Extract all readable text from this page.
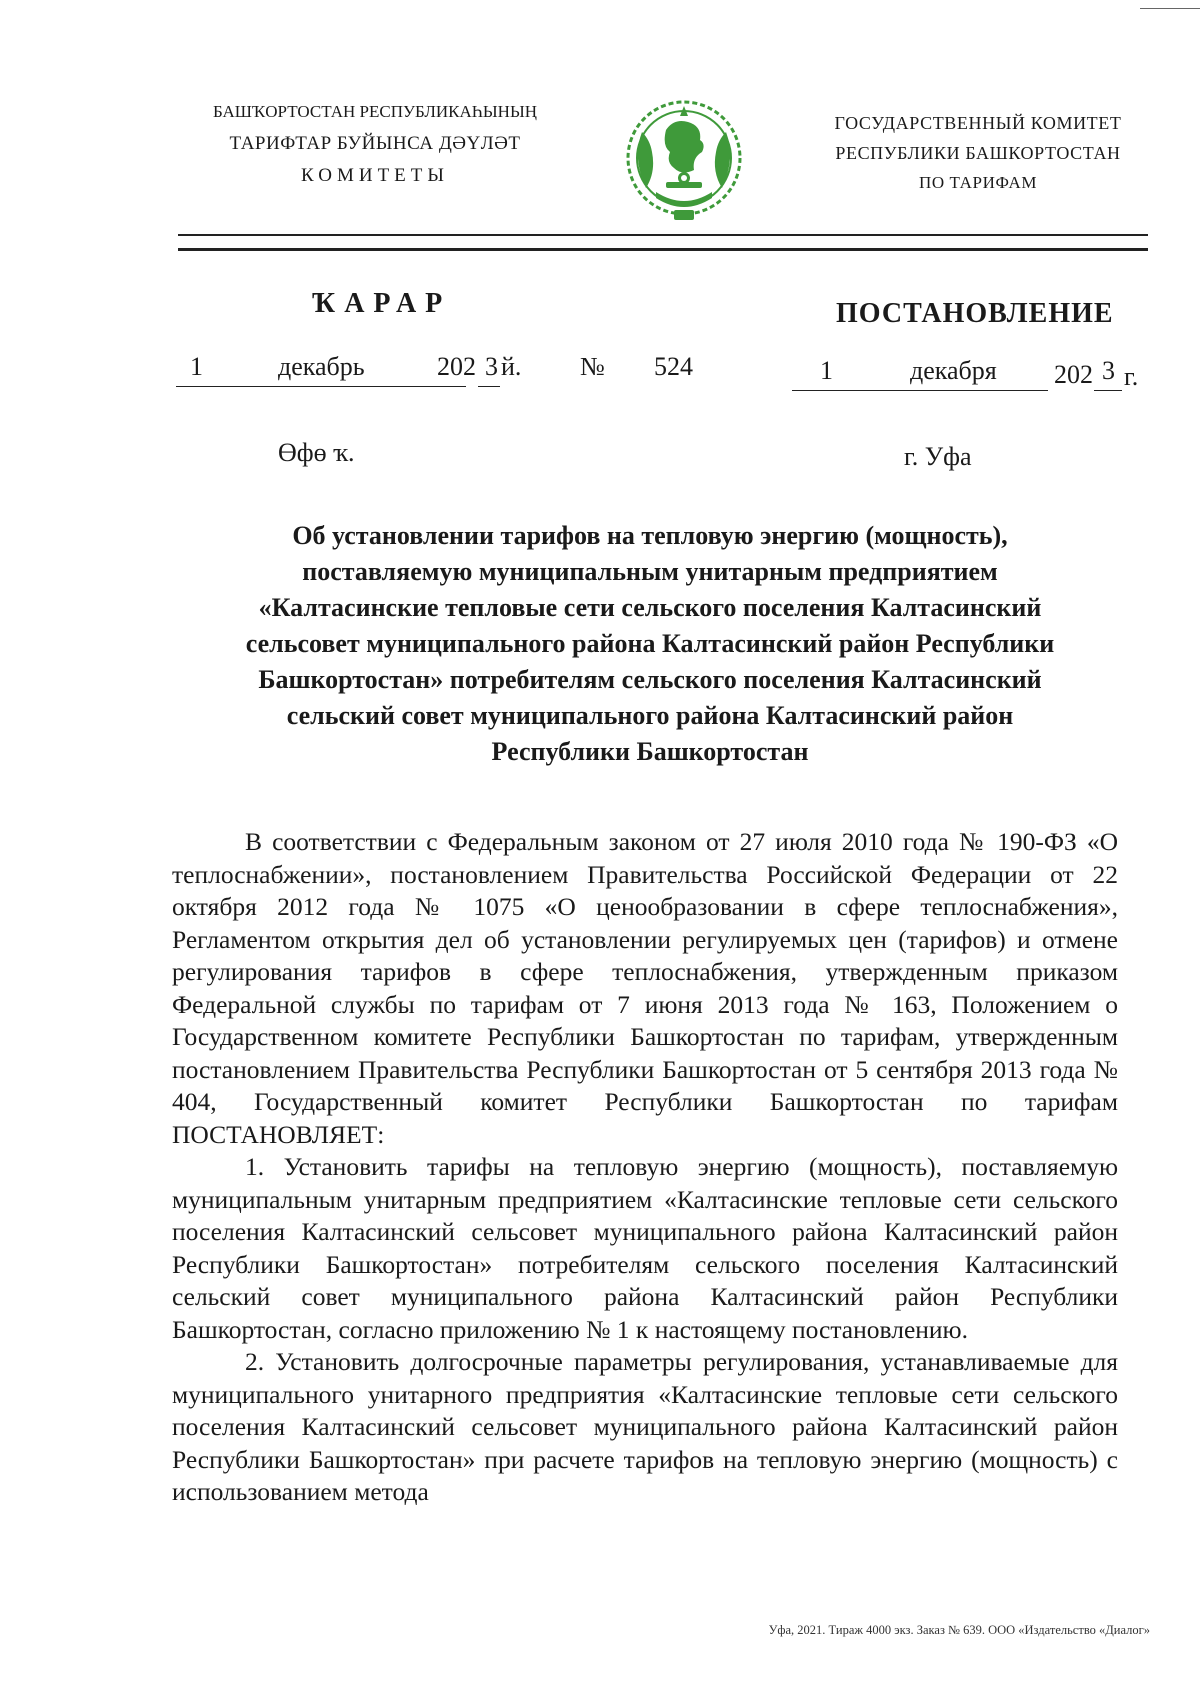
БАШҠОРТОСТАН РЕСПУБЛИКАҺЫНЫҢ
ТАРИФТАР БУЙЫНСА ДӘҮЛӘТ
КОМИТЕТЫ
ГОСУДАРСТВЕННЫЙ КОМИТЕТ
РЕСПУБЛИКИ БАШКОРТОСТАН
ПО ТАРИФАМ
ҠАРАР	ПОСТАНОВЛЕНИЕ
1	декабрь	202 3 й. № 524	1	декабря 202 3 г.
Өфө ҡ.	г. Уфа
Об установлении тарифов на тепловую энергию (мощность),
поставляемую муниципальным унитарным предприятием
«Калтасинские тепловые сети сельского поселения Калтасинский
сельсовет муниципального района Калтасинский район Республики
Башкортостан» потребителям сельского поселения Калтасинский
сельский совет муниципального района Калтасинский район
Республики Башкортостан

В соответствии с Федеральным законом от 27 июля 2010 года № 190-ФЗ «О теплоснабжении», постановлением Правительства Российской Федерации от 22 октября 2012 года № 1075 «О ценообразовании в сфере теплоснабжения», Регламентом открытия дел об установлении регулируемых цен (тарифов) и отмене регулирования тарифов в сфере теплоснабжения, утвержденным приказом Федеральной службы по тарифам от 7 июня 2013 года № 163, Положением о Государственном комитете Республики Башкортостан по тарифам, утвержденным постановлением Правительства Республики Башкортостан от 5 сентября 2013 года № 404, Государственный комитет Республики Башкортостан по тарифам ПОСТАНОВЛЯЕТ:

1. Установить тарифы на тепловую энергию (мощность), поставляемую муниципальным унитарным предприятием «Калтасинские тепловые сети сельского поселения Калтасинский сельсовет муниципального района Калтасинский район Республики Башкортостан» потребителям сельского поселения Калтасинский сельский совет муниципального района Калтасинский район Республики Башкортостан, согласно приложению № 1 к настоящему постановлению.

2. Установить долгосрочные параметры регулирования, устанавливаемые для муниципального унитарного предприятия «Калтасинские тепловые сети сельского поселения Калтасинский сельсовет муниципального района Калтасинский район Республики Башкортостан» при расчете тарифов на тепловую энергию (мощность) с использованием метода

Уфа, 2021. Тираж 4000 экз. Заказ № 639. ООО «Издательство «Диалог»
